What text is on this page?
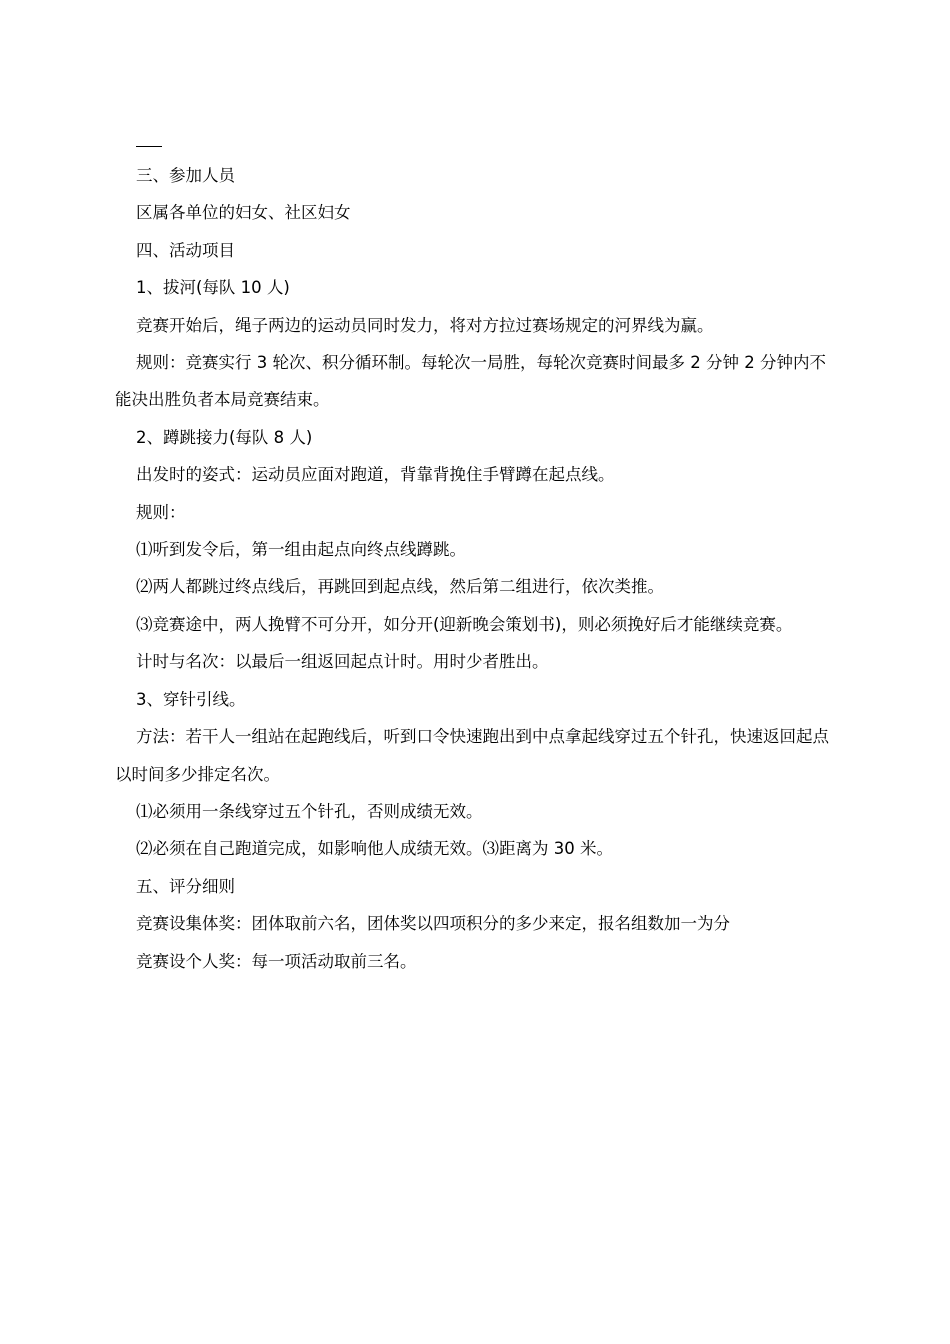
三、参加人员

区属各单位的妇女、社区妇女

四、活动项目

1、拔河(每队 10 人)

竞赛开始后，绳子两边的运动员同时发力，将对方拉过赛场规定的河界线为赢。

规则：竞赛实行 3 轮次、积分循环制。每轮次一局胜，每轮次竞赛时间最多 2 分钟 2 分钟内不能决出胜负者本局竞赛结束。

2、蹲跳接力(每队 8 人)

出发时的姿式：运动员应面对跑道，背靠背挽住手臂蹲在起点线。

规则：

⑴听到发令后，第一组由起点向终点线蹲跳。

⑵两人都跳过终点线后，再跳回到起点线，然后第二组进行，依次类推。

⑶竞赛途中，两人挽臂不可分开，如分开(迎新晚会策划书)，则必须挽好后才能继续竞赛。

计时与名次：以最后一组返回起点计时。用时少者胜出。

3、穿针引线。

方法：若干人一组站在起跑线后，听到口令快速跑出到中点拿起线穿过五个针孔，快速返回起点以时间多少排定名次。

⑴必须用一条线穿过五个针孔，否则成绩无效。

⑵必须在自己跑道完成，如影响他人成绩无效。⑶距离为 30 米。

五、评分细则

竞赛设集体奖：团体取前六名，团体奖以四项积分的多少来定，报名组数加一为分

竞赛设个人奖：每一项活动取前三名。
